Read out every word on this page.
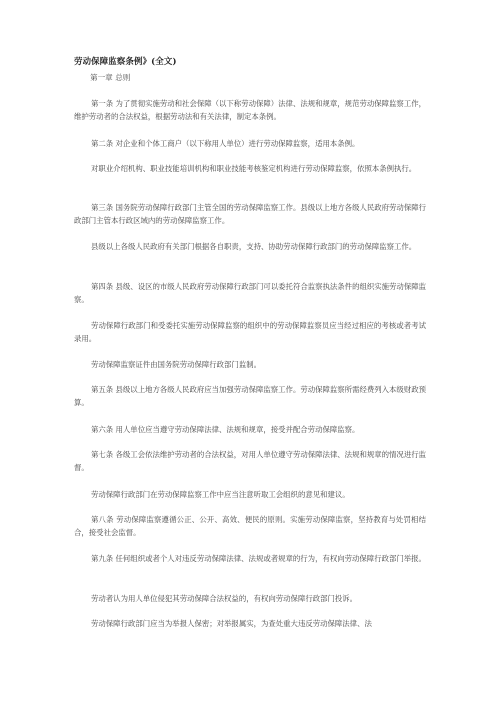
劳动保障监察条例》(全文)
第一章 总则

第一条 为了贯彻实施劳动和社会保障（以下称劳动保障）法律、法规和规章，规范劳动保障监察工作，维护劳动者的合法权益，根据劳动法和有关法律，制定本条例。

第二条 对企业和个体工商户（以下称用人单位）进行劳动保障监察，适用本条例。

对职业介绍机构、职业技能培训机构和职业技能考核鉴定机构进行劳动保障监察，依照本条例执行。

第三条 国务院劳动保障行政部门主管全国的劳动保障监察工作。县级以上地方各级人民政府劳动保障行政部门主管本行政区域内的劳动保障监察工作。

县级以上各级人民政府有关部门根据各自职责，支持、协助劳动保障行政部门的劳动保障监察工作。

第四条 县级、设区的市级人民政府劳动保障行政部门可以委托符合监察执法条件的组织实施劳动保障监察。

劳动保障行政部门和受委托实施劳动保障监察的组织中的劳动保障监察员应当经过相应的考核或者考试录用。

劳动保障监察证件由国务院劳动保障行政部门监制。

第五条 县级以上地方各级人民政府应当加强劳动保障监察工作。劳动保障监察所需经费列入本级财政预算。

第六条 用人单位应当遵守劳动保障法律、法规和规章，接受并配合劳动保障监察。

第七条 各级工会依法维护劳动者的合法权益，对用人单位遵守劳动保障法律、法规和规章的情况进行监督。

劳动保障行政部门在劳动保障监察工作中应当注意听取工会组织的意见和建议。

第八条 劳动保障监察遵循公正、公开、高效、便民的原则。实施劳动保障监察，坚持教育与处罚相结合，接受社会监督。

第九条 任何组织或者个人对违反劳动保障法律、法规或者规章的行为，有权向劳动保障行政部门举报。

劳动者认为用人单位侵犯其劳动保障合法权益的，有权向劳动保障行政部门投诉。

劳动保障行政部门应当为举报人保密；对举报属实，为查处重大违反劳动保障法律、法
